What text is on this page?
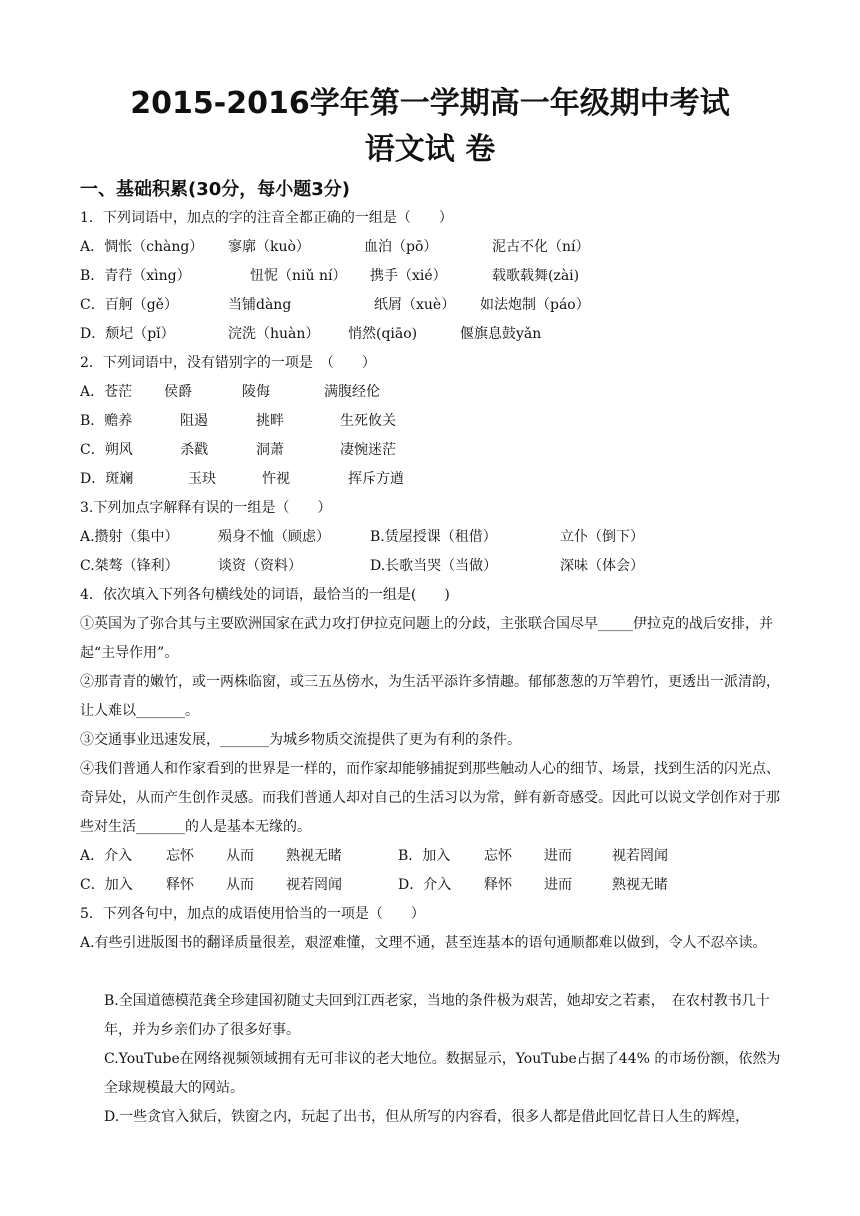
2015-2016学年第一学期高一年级期中考试
语文试 卷
一、基础积累(30分，每小题3分)
1．下列词语中，加点的字的注音全都正确的一组是（　　）
A．惆怅（chàng） 寥廓（kuò）	血泊（pō）	泥古不化（ní）
B．青荇（xìng）	忸怩（niǔ ní） 携手（xié）	载歌载舞(zài)
C．百舸（gě）	当铺dàng	纸屑（xuè） 如法炮制（páo）
D．颓圮（pǐ）	浣洗（huàn） 悄然(qiāo)	偃旗息鼓yǎn
2．下列词语中，没有错别字的一项是　（　　）
A．苍茫 侯爵	陵侮	满腹经伦
B．赡养	阻遏	挑畔	生死攸关
C．朔风	杀戳	洞萧	凄惋迷茫
D．斑斓	玉玦	忤视	挥斥方遒
3.下列加点字解释有误的一组是（　　）
A.攒射（集中）	殒身不恤（顾虑）	B.赁屋授课（租借）	立仆（倒下）
C.桀骜（锋利）	谈资（资料）	D.长歌当哭（当做）	深味（体会）
4．依次填入下列各句横线处的词语，最恰当的一组是(　　)
①英国为了弥合其与主要欧洲国家在武力攻打伊拉克问题上的分歧，主张联合国尽早_____伊拉克的战后安排，并起“主导作用”。
②那青青的嫩竹，或一两株临窗，或三五丛傍水，为生活平添许多情趣。郁郁葱葱的万竿碧竹，更透出一派清韵，让人难以_______。
③交通事业迅速发展，_______为城乡物质交流提供了更为有利的条件。
④我们普通人和作家看到的世界是一样的，而作家却能够捕捉到那些触动人心的细节、场景，找到生活的闪光点、奇异处，从而产生创作灵感。而我们普通人却对自己的生活习以为常，鲜有新奇感受。因此可以说文学创作对于那些对生活_______的人是基本无缘的。
A．介入 忘怀 从而 熟视无睹	B．加入 忘怀 进而	视若罔闻
C．加入 释怀 从而 视若罔闻	D．介入 释怀 进而	熟视无睹
5．下列各句中，加点的成语使用恰当的一项是（　　）
A.有些引进版图书的翻译质量很差，艰涩难懂，文理不通，甚至连基本的语句通顺都难以做到，令人不忍卒读。
B.全国道德模范龚全珍建国初随丈夫回到江西老家，当地的条件极为艰苦，她却安之若素，　在农村教书几十年，并为乡亲们办了很多好事。
C.YouTube在网络视频领域拥有无可非议的老大地位。数据显示，YouTube占据了44% 的市场份额，依然为全球规模最大的网站。
D.一些贪官入狱后，铁窗之内，玩起了出书，但从所写的内容看，很多人都是借此回忆昔日人生的辉煌，
